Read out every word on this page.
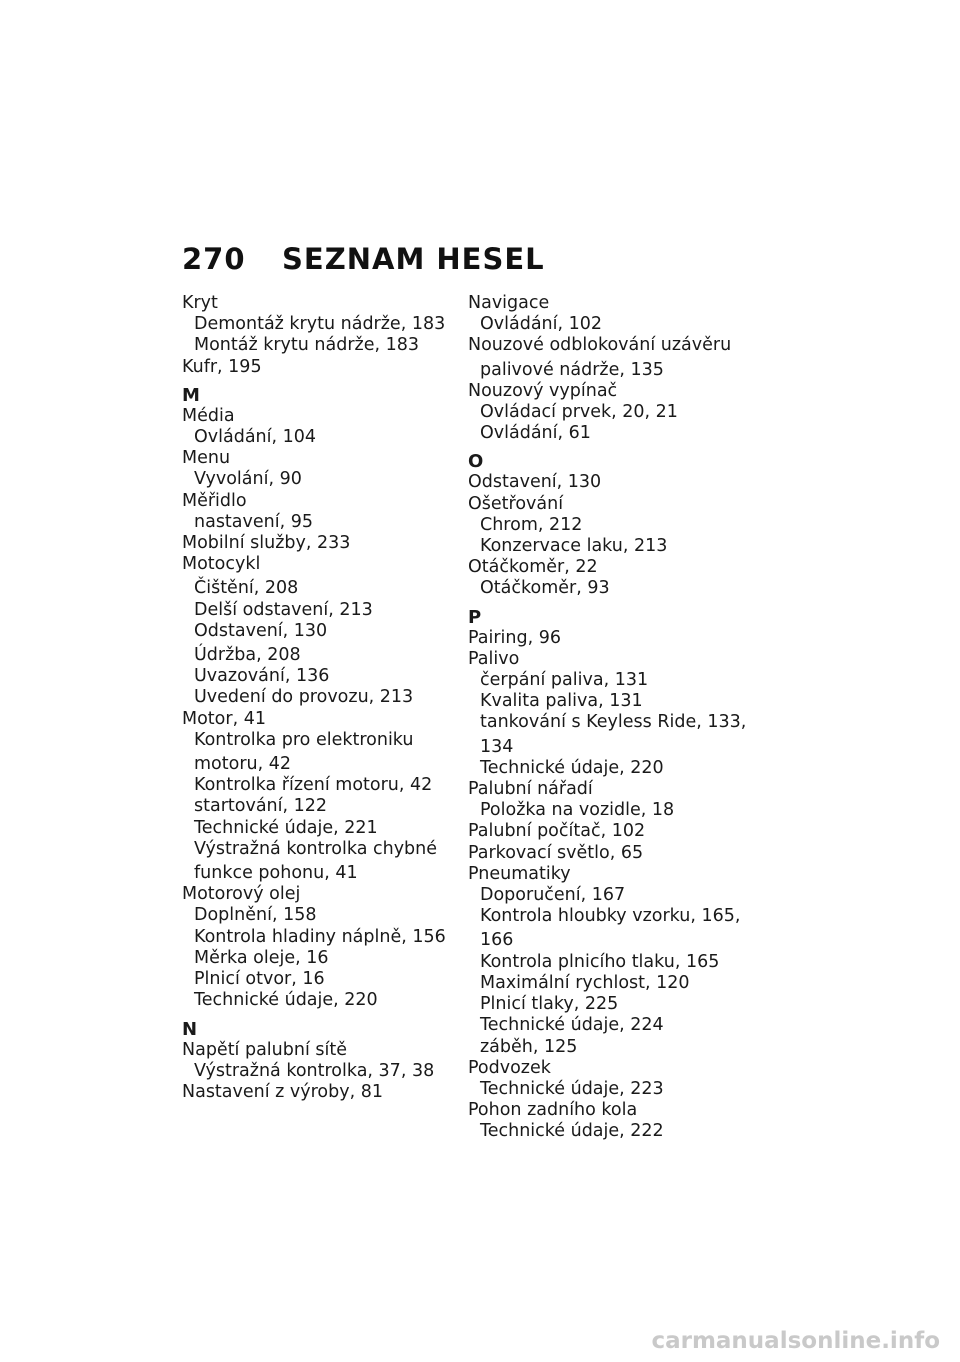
270 SEZNAM HESEL
Kryt
Demontáž krytu nádrže, 183
Montáž krytu nádrže, 183
Kufr, 195
M
Média
Ovládání, 104
Menu
Vyvolání, 90
Měřidlo
nastavení, 95
Mobilní služby, 233
Motocykl
Čištění, 208
Delší odstavení, 213
Odstavení, 130
Údržba, 208
Uvazování, 136
Uvedení do provozu, 213
Motor, 41
Kontrolka pro elektroniku
motoru, 42
Kontrolka řízení motoru, 42
startování, 122
Technické údaje, 221
Výstražná kontrolka chybné
funkce pohonu, 41
Motorový olej
Doplnění, 158
Kontrola hladiny náplně, 156
Měrka oleje, 16
Plnicí otvor, 16
Technické údaje, 220
N
Napětí palubní sítě
Výstražná kontrolka, 37, 38
Nastavení z výroby, 81
Navigace
Ovládání, 102
Nouzové odblokování uzávěru
palivové nádrže, 135
Nouzový vypínač
Ovládací prvek, 20, 21
Ovládání, 61
O
Odstavení, 130
Ošetřování
Chrom, 212
Konzervace laku, 213
Otáčkoměr, 22
Otáčkoměr, 93
P
Pairing, 96
Palivo
čerpání paliva, 131
Kvalita paliva, 131
tankování s Keyless Ride, 133,
134
Technické údaje, 220
Palubní nářadí
Položka na vozidle, 18
Palubní počítač, 102
Parkovací světlo, 65
Pneumatiky
Doporučení, 167
Kontrola hloubky vzorku, 165,
166
Kontrola plnicího tlaku, 165
Maximální rychlost, 120
Plnicí tlaky, 225
Technické údaje, 224
záběh, 125
Podvozek
Technické údaje, 223
Pohon zadního kola
Technické údaje, 222
carmanualsonline.info
